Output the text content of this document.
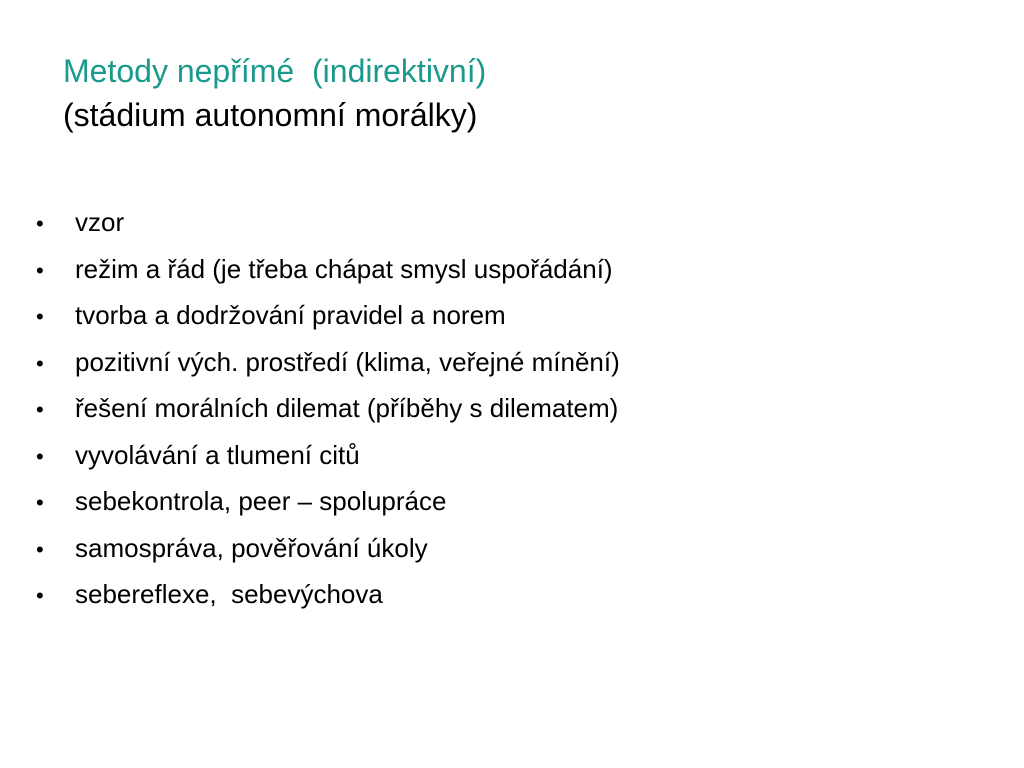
Metody nepřímé  (indirektivní)
(stádium autonomní morálky)
•	vzor
•	režim a řád (je třeba chápat smysl uspořádání)
•	tvorba a dodržování pravidel a norem
•	pozitivní vých. prostředí (klima, veřejné mínění)
•	řešení morálních dilemat (příběhy s dilematem)
•	vyvolávání a tlumení citů
•	sebekontrola, peer – spolupráce
•	samospráva, pověřování úkoly
•	sebereflexe,  sebevýchova
